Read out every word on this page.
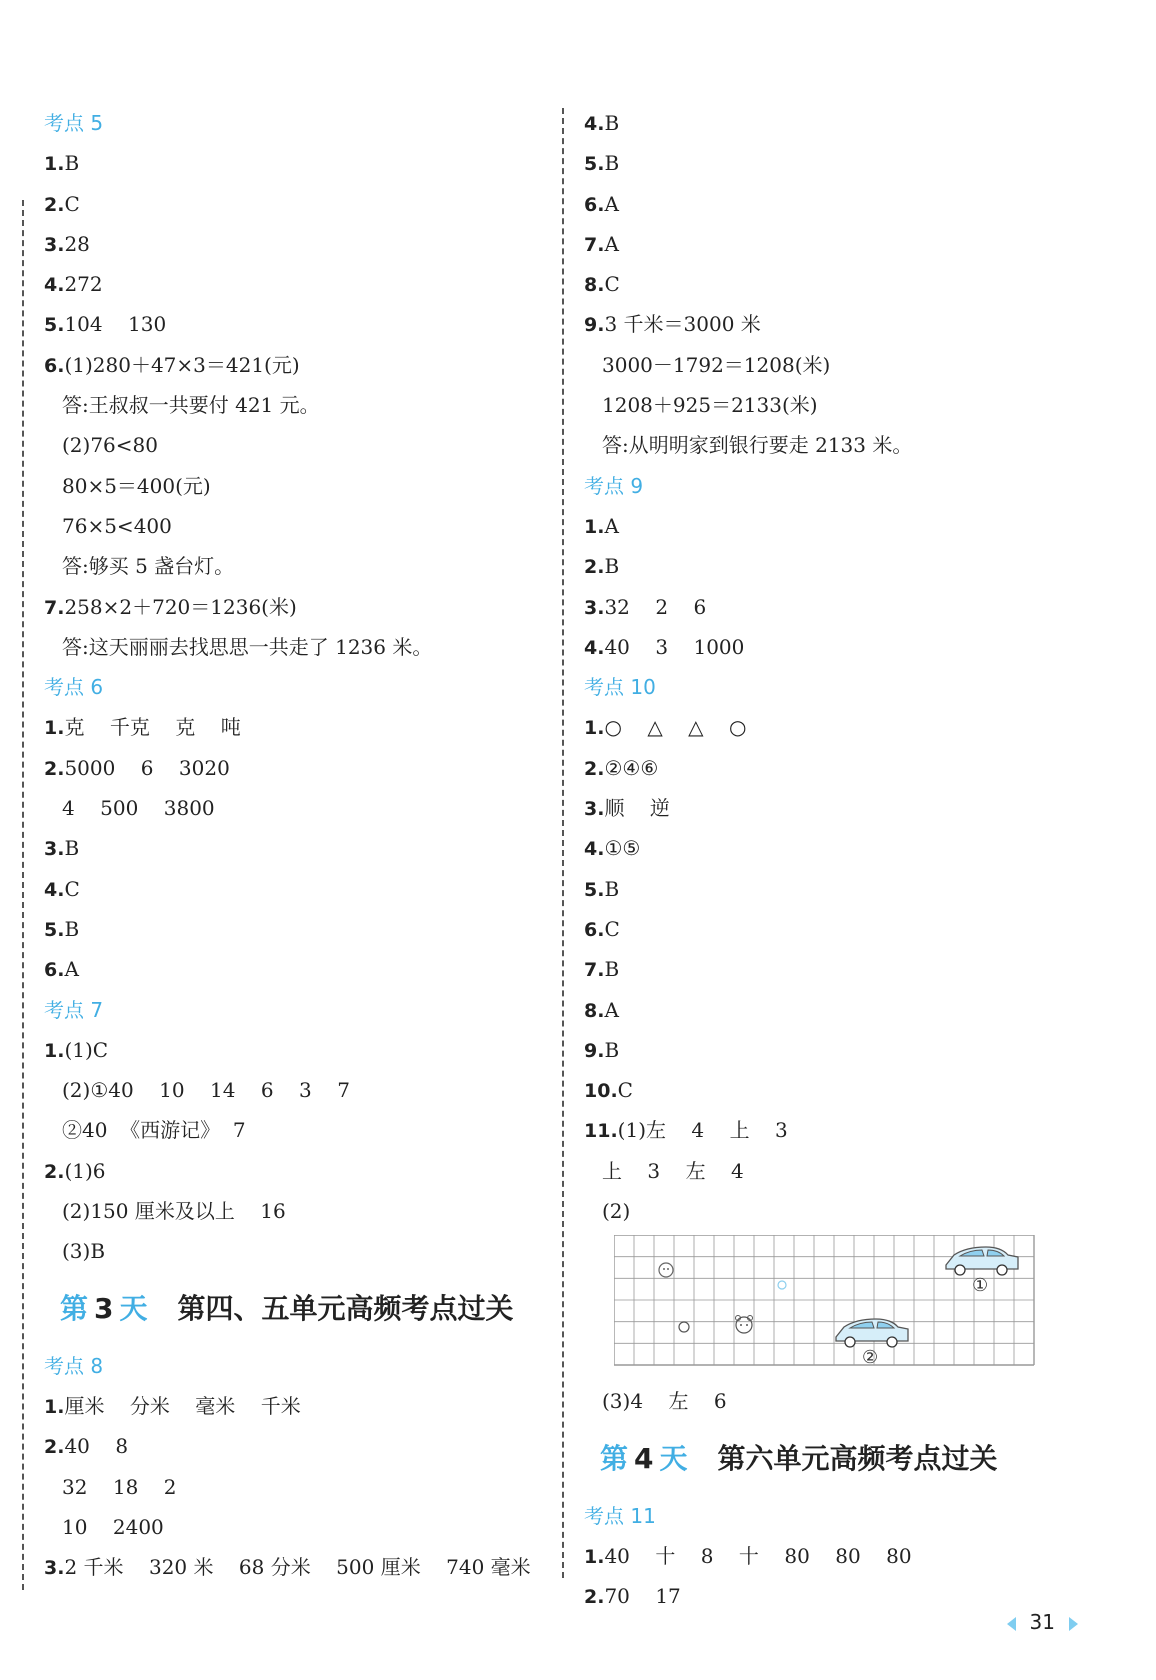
考点 5
1.B
2.C
3.28
4.272
5.104    130
6.(1)280＋47×3＝421(元)
答:王叔叔一共要付 421 元。
(2)76<80
80×5＝400(元)
76×5<400
答:够买 5 盏台灯。
7.258×2＋720＝1236(米)
答:这天丽丽去找思思一共走了 1236 米。
考点 6
1.克    千克    克    吨
2.5000    6    3020
4    500    3800
3.B
4.C
5.B
6.A
考点 7
1.(1)C
(2)①40    10    14    6    3    7
②40  《西游记》  7
2.(1)6
(2)150 厘米及以上    16
(3)B
第 3 天 第四、五单元高频考点过关
考点 8
1.厘米    分米    毫米    千米
2.40    8
32    18    2
10    2400
3.2 千米    320 米    68 分米    500 厘米    740 毫米
4.B
5.B
6.A
7.A
8.C
9.3 千米＝3000 米
3000－1792＝1208(米)
1208＋925＝2133(米)
答:从明明家到银行要走 2133 米。
考点 9
1.A
2.B
3.32    2    6
4.40    3    1000
考点 10
1.○    △    △    ○
2.②④⑥
3.顺    逆
4.①⑤
5.B
6.C
7.B
8.A
9.B
10.C
11.(1)左    4    上    3
上    3    左    4
(2)
①
②
(3)4    左    6
第 4 天 第六单元高频考点过关
考点 11
1.40    十    8    十    80    80    80
2.70    17
31
